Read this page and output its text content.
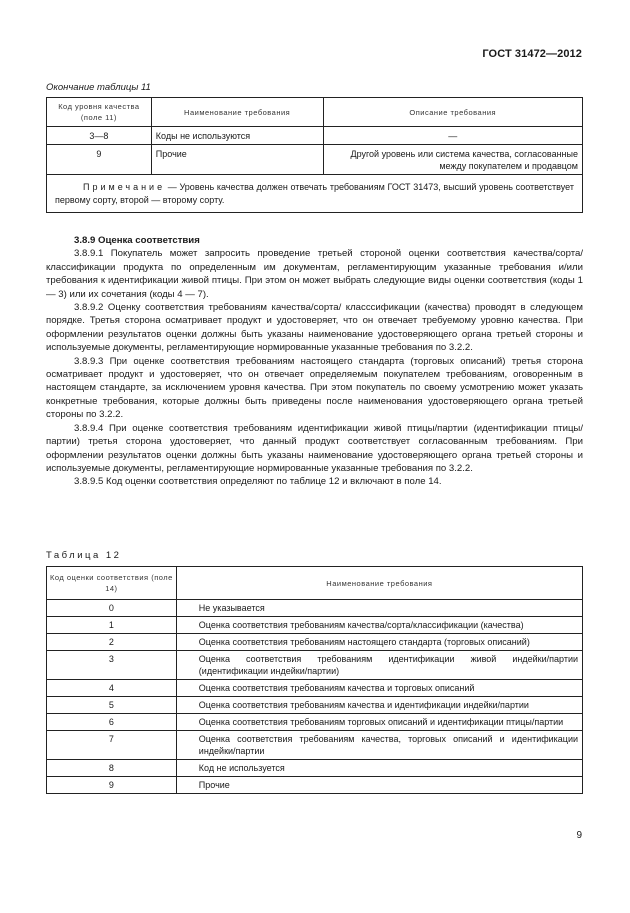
ГОСТ 31472—2012
Окончание таблицы 11
Код уровня качества (поле 11)	Наименование требования	Описание требования
3—8	Коды не используются	—
9	Прочие	Другой уровень или система качества, согласованные между покупателем и продавцом
Примечание — Уровень качества должен отвечать требованиям ГОСТ 31473, высший уровень соответствует первому сорту, второй — второму сорту.		

3.8.9 Оценка соответствия

3.8.9.1 Покупатель может запросить проведение третьей стороной оценки соответствия качества/сорта/классификации продукта по определенным им документам, регламентирующим указанные требования и/или требования к идентификации живой птицы. При этом он может выбрать следующие виды оценки соответствия (коды 1 — 3) или их сочетания (коды 4 — 7).

3.8.9.2 Оценку соответствия требованиям качества/сорта/ класссификации (качества) проводят в следующем порядке. Третья сторона осматривает продукт и удостоверяет, что он отвечает требуемому уровню качества. При оформлении результатов оценки должны быть указаны наименование удостоверяющего органа третьей стороны и используемые документы, регламентирующие нормированные указанные требования по 3.2.2.

3.8.9.3 При оценке соответствия требованиям настоящего стандарта (торговых описаний) третья сторона осматривает продукт и удостоверяет, что он отвечает определяемым покупателем требованиям, оговоренным в настоящем стандарте, за исключением уровня качества. При этом покупатель по своему усмотрению может указать конкретные требования, которые должны быть приведены после наименования удостоверяющего органа третьей стороны по 3.2.2.

3.8.9.4 При оценке соответствия требованиям идентификации живой птицы/партии (идентификации птицы/партии) третья сторона удостоверяет, что данный продукт соответствует согласованным требованиям. При оформлении результатов оценки должны быть указаны наименование удостоверяющего органа третьей стороны и используемые документы, регламентирующие нормированные указанные требования по 3.2.2.

3.8.9.5 Код оценки соответствия определяют по таблице 12 и включают в поле 14.

Таблица 12
Код оценки соответствия (поле 14)	Наименование требования
0	Не указывается
1	Оценка соответствия требованиям качества/сорта/классификации (качества)
2	Оценка соответствия требованиям настоящего стандарта (торговых описаний)
3	Оценка соответствия требованиям идентификации живой индейки/партии (идентификации индейки/партии)
4	Оценка соответствия требованиям качества и торговых описаний
5	Оценка соответствия требованиям качества и идентификации индейки/партии
6	Оценка соответствия требованиям торговых описаний и идентификации птицы/партии
7	Оценка соответствия требованиям качества, торговых описаний и идентификации индейки/партии
8	Код не используется
9	Прочие
9
